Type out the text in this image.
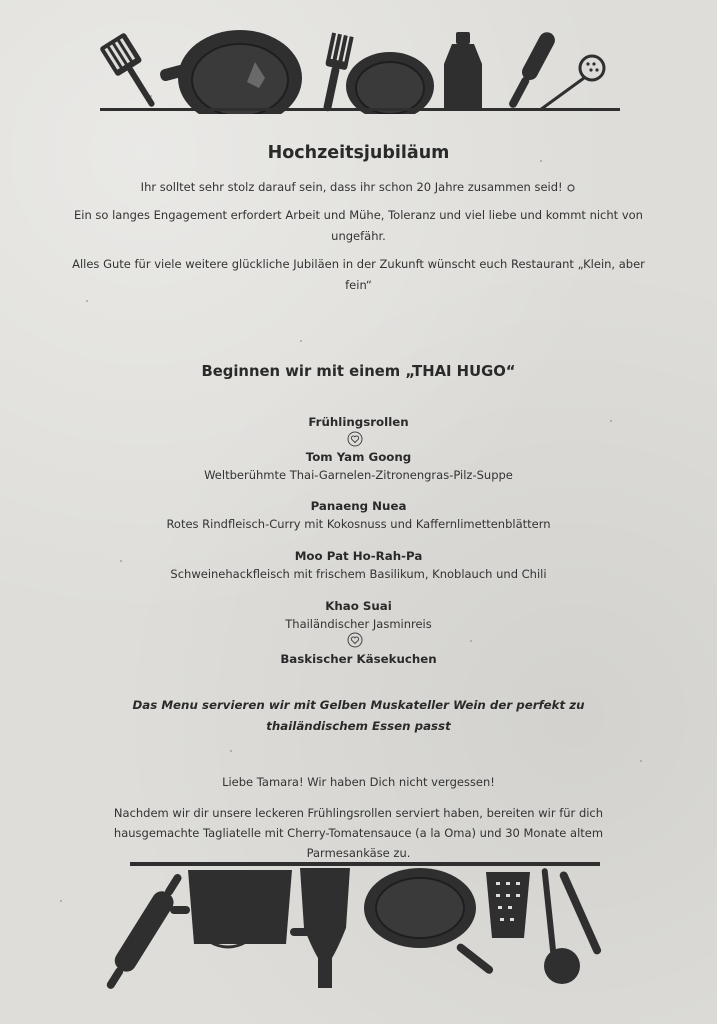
Hochzeitsjubiläum
Ihr solltet sehr stolz darauf sein, dass ihr schon 20 Jahre zusammen seid!
Ein so langes Engagement erfordert Arbeit und Mühe, Toleranz und viel liebe und kommt nicht von ungefähr.
Alles Gute für viele weitere glückliche Jubiläen in der Zukunft wünscht euch Restaurant „Klein, aber fein“
Beginnen wir mit einem „THAI HUGO“
Frühlingsrollen
Tom Yam Goong
Weltberühmte Thai-Garnelen-Zitronengras-Pilz-Suppe
Panaeng Nuea
Rotes Rindfleisch-Curry mit Kokosnuss und Kaffernlimettenblättern
Moo Pat Ho-Rah-Pa
Schweinehackfleisch mit frischem Basilikum, Knoblauch und Chili
Khao Suai
Thailändischer Jasminreis
Baskischer Käsekuchen
Das Menu servieren wir mit Gelben Muskateller Wein der perfekt zu thailändischem Essen passt
Liebe Tamara! Wir haben Dich nicht vergessen!
Nachdem wir dir unsere leckeren Frühlingsrollen serviert haben, bereiten wir für dich hausgemachte Tagliatelle mit Cherry-Tomatensauce (a la Oma) und 30 Monate altem Parmesankäse zu.
